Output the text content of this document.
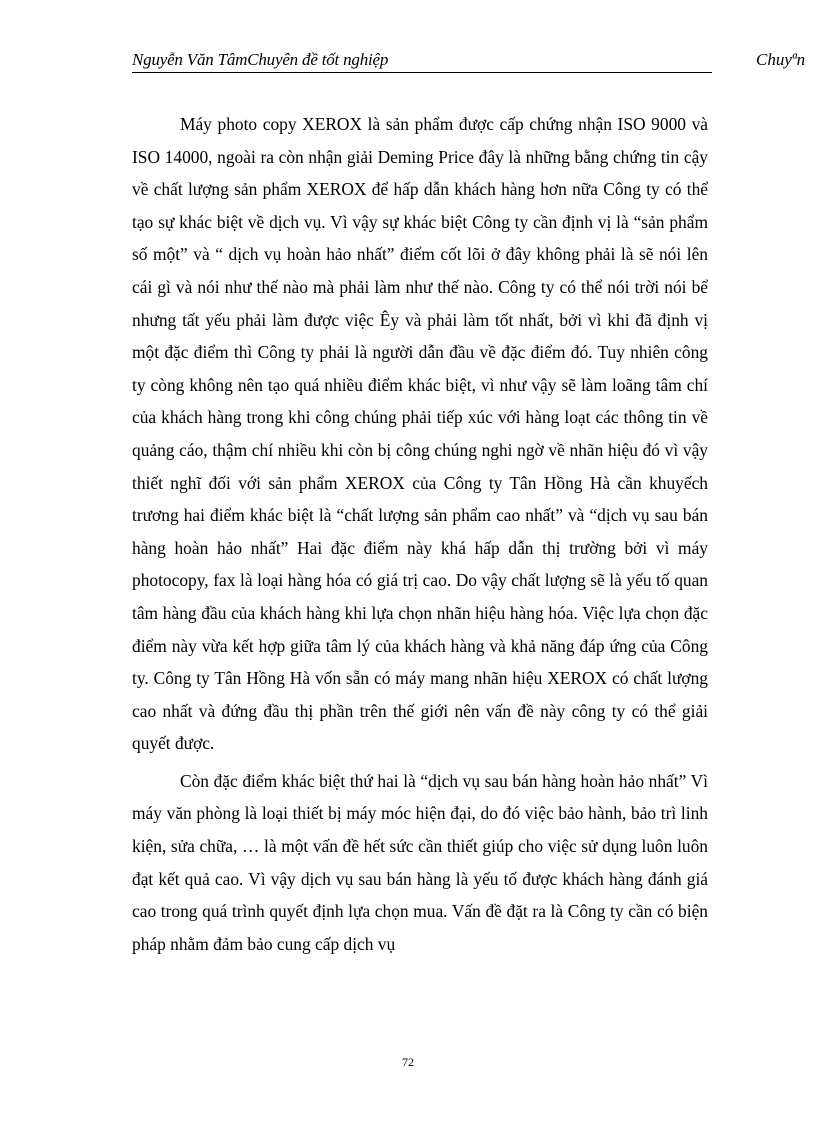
Nguyễn Văn TâmChuyên đề tốt nghiệp	Chuyªn

Máy photo copy XEROX là sản phẩm được cấp chứng nhận ISO 9000 và ISO 14000, ngoài ra còn nhận giải Deming Price đây là những bằng chứng tin cậy về chất lượng sản phẩm XEROX để hấp dẫn khách hàng hơn nữa Công ty có thể tạo sự khác biệt về dịch vụ. Vì vậy sự khác biệt Công ty cần định vị là “sản phẩm số một” và “ dịch vụ hoàn hảo nhất” điểm cốt lõi ở đây không phải là sẽ nói lên cái gì và nói như thế nào mà phải làm như thế nào. Công ty có thể nói trời nói bể nhưng tất yếu phải làm được việc Êy và phải làm tốt nhất, bởi vì khi đã định vị một đặc điểm thì Công ty phải là người dẫn đầu về đặc điểm đó. Tuy nhiên công ty còng không nên tạo quá nhiều điểm khác biệt, vì như vậy sẽ làm loãng tâm chí của khách hàng trong khi công chúng phải tiếp xúc với hàng loạt các thông tin về quảng cáo, thậm chí nhiều khi còn bị công chúng nghi ngờ về nhãn hiệu đó vì vậy thiết nghĩ đối với sản phẩm XEROX của Công ty Tân Hồng Hà cần khuyếch trương hai điểm khác biệt là “chất lượng sản phẩm cao nhất” và “dịch vụ sau bán hàng hoàn hảo nhất” Hai đặc điểm này khá hấp dẫn thị trường bởi vì máy photocopy, fax là loại hàng hóa có giá trị cao. Do vậy chất lượng sẽ là yếu tố quan tâm hàng đầu của khách hàng khi lựa chọn nhãn hiệu hàng hóa. Việc lựa chọn đặc điểm này vừa kết hợp giữa tâm lý của khách hàng và khả năng đáp ứng của Công ty. Công ty Tân Hồng Hà vốn sẵn có máy mang nhãn hiệu XEROX có chất lượng cao nhất và đứng đầu thị phần trên thế giới nên vấn đề này công ty có thể giải quyết được.

Còn đặc điểm khác biệt thứ hai là “dịch vụ sau bán hàng hoàn hảo nhất” Vì máy văn phòng là loại thiết bị máy móc hiện đại, do đó việc bảo hành, bảo trì linh kiện, sửa chữa, … là một vấn đề hết sức cần thiết giúp cho việc sử dụng luôn luôn đạt kết quả cao. Vì vậy dịch vụ sau bán hàng là yếu tố được khách hàng đánh giá cao trong quá trình quyết định lựa chọn mua. Vấn đề đặt ra là Công ty cần có biện pháp nhằm đảm bảo cung cấp dịch vụ

72
